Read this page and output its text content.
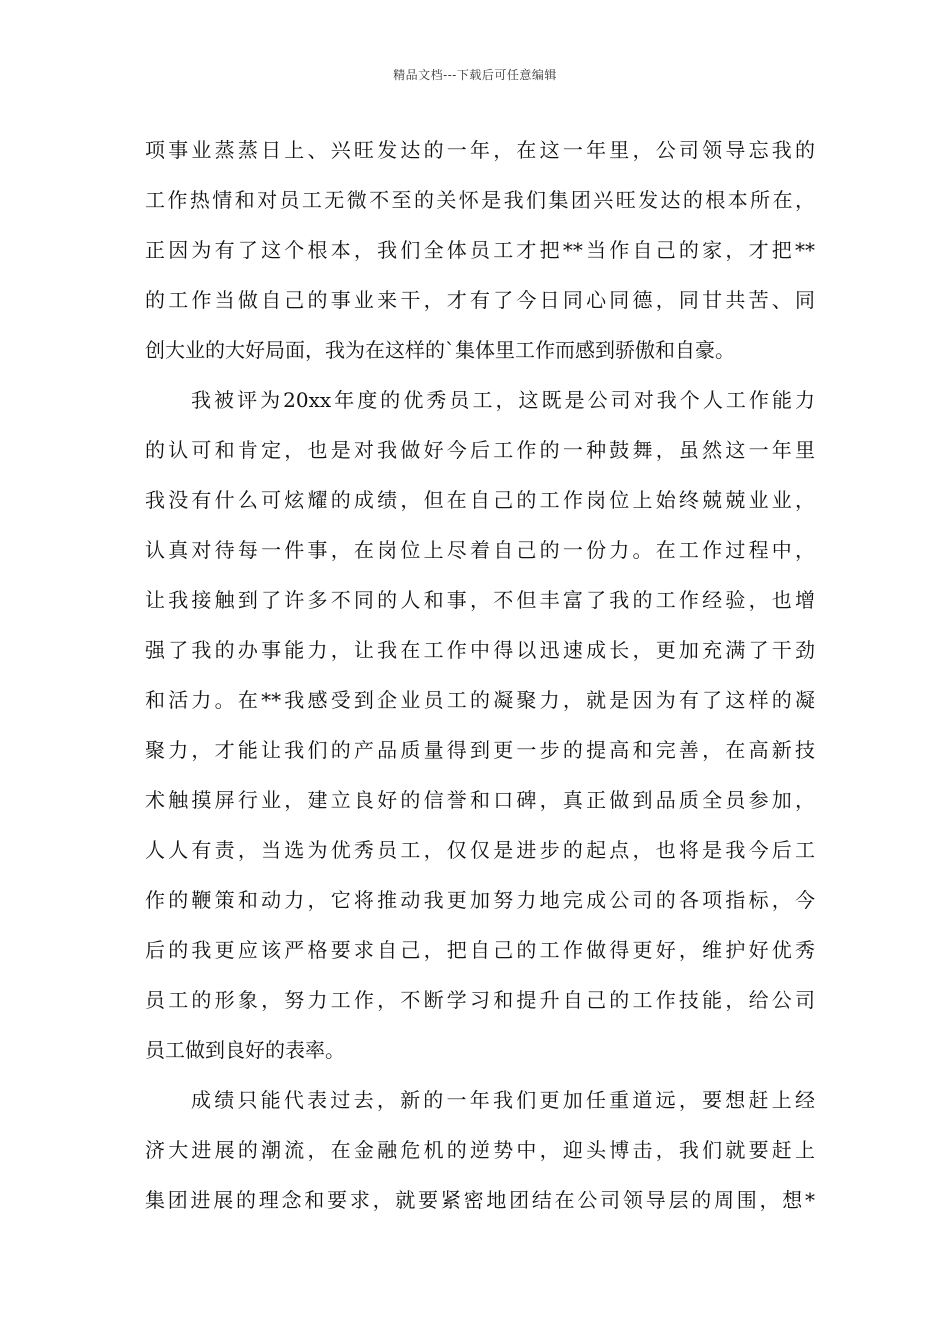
精品文档---下载后可任意编辑
项事业蒸蒸日上、兴旺发达的一年，在这一年里，公司领导忘我的
工作热情和对员工无微不至的关怀是我们集团兴旺发达的根本所在，
正因为有了这个根本，我们全体员工才把**当作自己的家，才把**
的工作当做自己的事业来干，才有了今日同心同德，同甘共苦、同
创大业的大好局面，我为在这样的`集体里工作而感到骄傲和自豪。
我被评为20xx年度的优秀员工，这既是公司对我个人工作能力
的认可和肯定，也是对我做好今后工作的一种鼓舞，虽然这一年里
我没有什么可炫耀的成绩，但在自己的工作岗位上始终兢兢业业，
认真对待每一件事，在岗位上尽着自己的一份力。在工作过程中，
让我接触到了许多不同的人和事，不但丰富了我的工作经验，也增
强了我的办事能力，让我在工作中得以迅速成长，更加充满了干劲
和活力。在**我感受到企业员工的凝聚力，就是因为有了这样的凝
聚力，才能让我们的产品质量得到更一步的提高和完善，在高新技
术触摸屏行业，建立良好的信誉和口碑，真正做到品质全员参加，
人人有责，当选为优秀员工，仅仅是进步的起点，也将是我今后工
作的鞭策和动力，它将推动我更加努力地完成公司的各项指标，今
后的我更应该严格要求自己，把自己的工作做得更好，维护好优秀
员工的形象，努力工作，不断学习和提升自己的工作技能，给公司
员工做到良好的表率。
成绩只能代表过去，新的一年我们更加任重道远，要想赶上经
济大进展的潮流，在金融危机的逆势中，迎头博击，我们就要赶上
集团进展的理念和要求，就要紧密地团结在公司领导层的周围，想*
